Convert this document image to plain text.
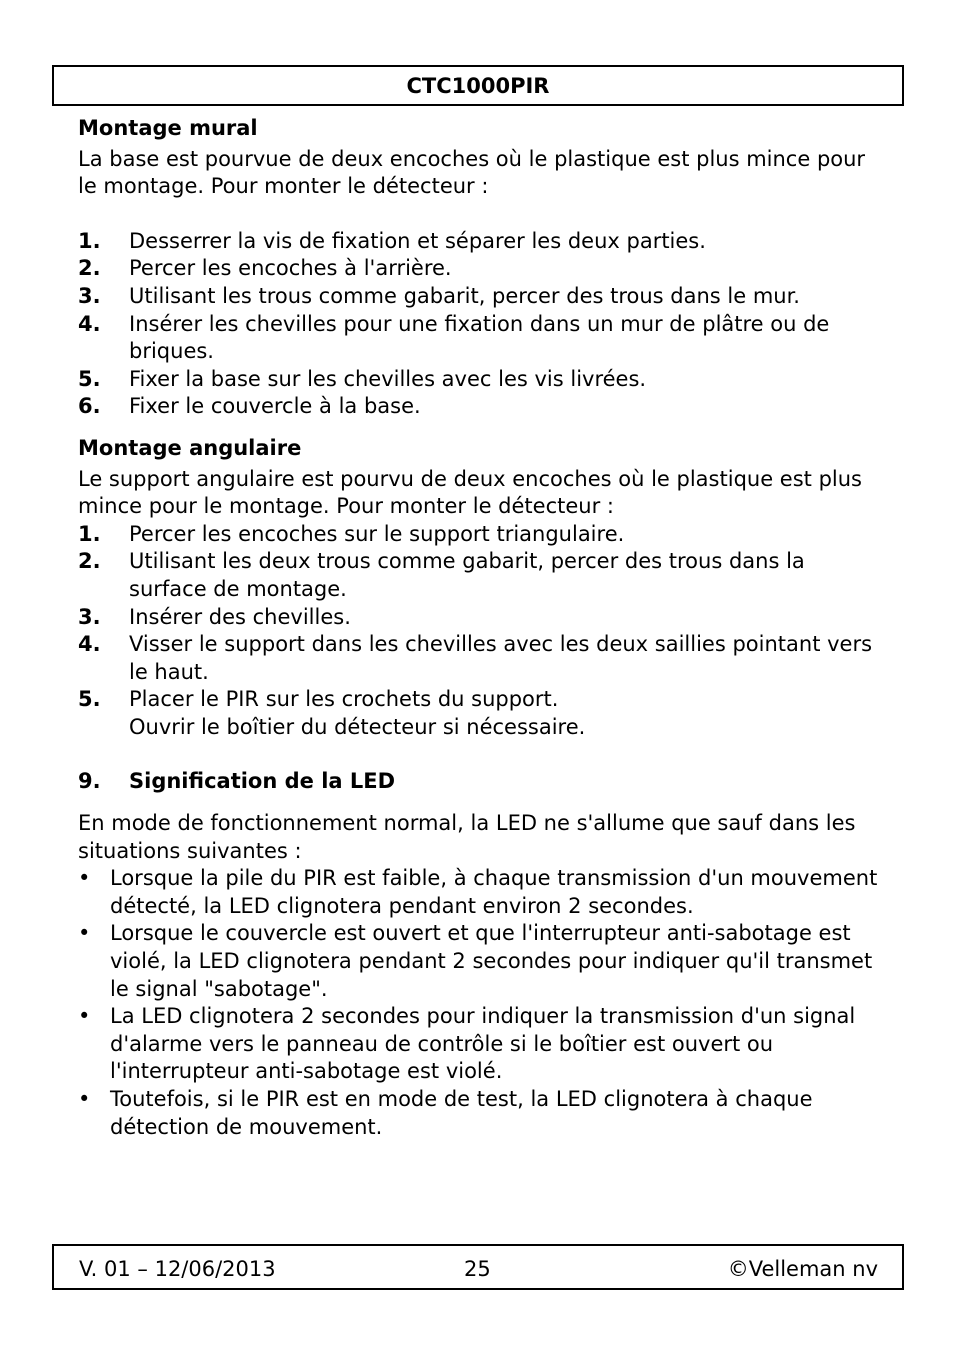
CTC1000PIR
Montage mural
La base est pourvue de deux encoches où le plastique est plus mince pour le montage. Pour monter le détecteur :
1.	Desserrer la vis de fixation et séparer les deux parties.
2.	Percer les encoches à l'arrière.
3.	Utilisant les trous comme gabarit, percer des trous dans le mur.
4.	Insérer les chevilles pour une fixation dans un mur de plâtre ou de briques.
5.	Fixer la base sur les chevilles avec les vis livrées.
6.	Fixer le couvercle à la base.
Montage angulaire
Le support angulaire est pourvu de deux encoches où le plastique est plus mince pour le montage. Pour monter le détecteur :
1.	Percer les encoches sur le support triangulaire.
2.	Utilisant les deux trous comme gabarit, percer des trous dans la surface de montage.
3.	Insérer des chevilles.
4.	Visser le support dans les chevilles avec les deux saillies pointant vers le haut.
5.	Placer le PIR sur les crochets du support.
Ouvrir le boîtier du détecteur si nécessaire.
9.	Signification de la LED
En mode de fonctionnement normal, la LED ne s'allume que sauf dans les situations suivantes :
• Lorsque la pile du PIR est faible, à chaque transmission d'un mouvement détecté, la LED clignotera pendant environ 2 secondes.
• Lorsque le couvercle est ouvert et que l'interrupteur anti-sabotage est violé, la LED clignotera pendant 2 secondes pour indiquer qu'il transmet le signal "sabotage".
• La LED clignotera 2 secondes pour indiquer la transmission d'un signal d'alarme vers le panneau de contrôle si le boîtier est ouvert ou l'interrupteur anti-sabotage est violé.
• Toutefois, si le PIR est en mode de test, la LED clignotera à chaque détection de mouvement.
V. 01 – 12/06/2013	25	©Velleman nv
